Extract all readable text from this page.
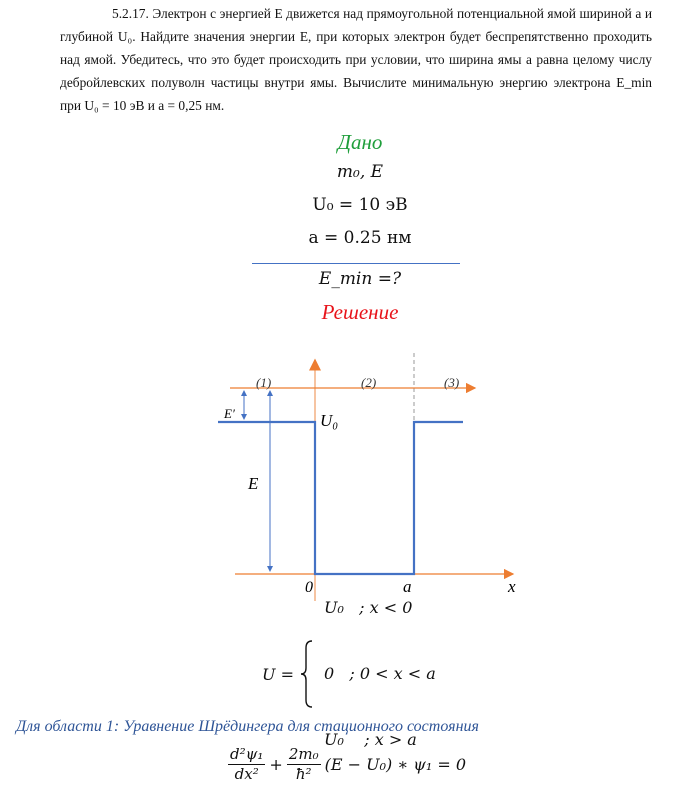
5.2.17. Электрон с энергией E движется над прямоугольной потенциальной ямой шириной a и глубиной U₀. Найдите значения энергии E, при которых электрон будет беспрепятственно проходить над ямой. Убедитесь, что это будет происходить при условии, что ширина ямы a равна целому числу дебройлевских полуволн частицы внутри ямы. Вычислите минимальную энергию электрона E_min при U₀ = 10 эВ и a = 0,25 нм.

Дано
m₀, E
U₀ = 10 эВ
a = 0.25 нм
E_min =?
Решение
(1)	(2)	(3)
E′	U₀
E
0	a	x
U =

U₀   ; x < 0

0   ; 0 < x < a

U₀    ; x > a

Для области 1: Уравнение Шрёдингера для стационного состояния
$\frac{\text{d²ψ₁}}{\text{dx²}} + \frac{\text{2m₀}}{\text{ħ²}} (E - U_0)$ ∗ ψ₁ = 0
